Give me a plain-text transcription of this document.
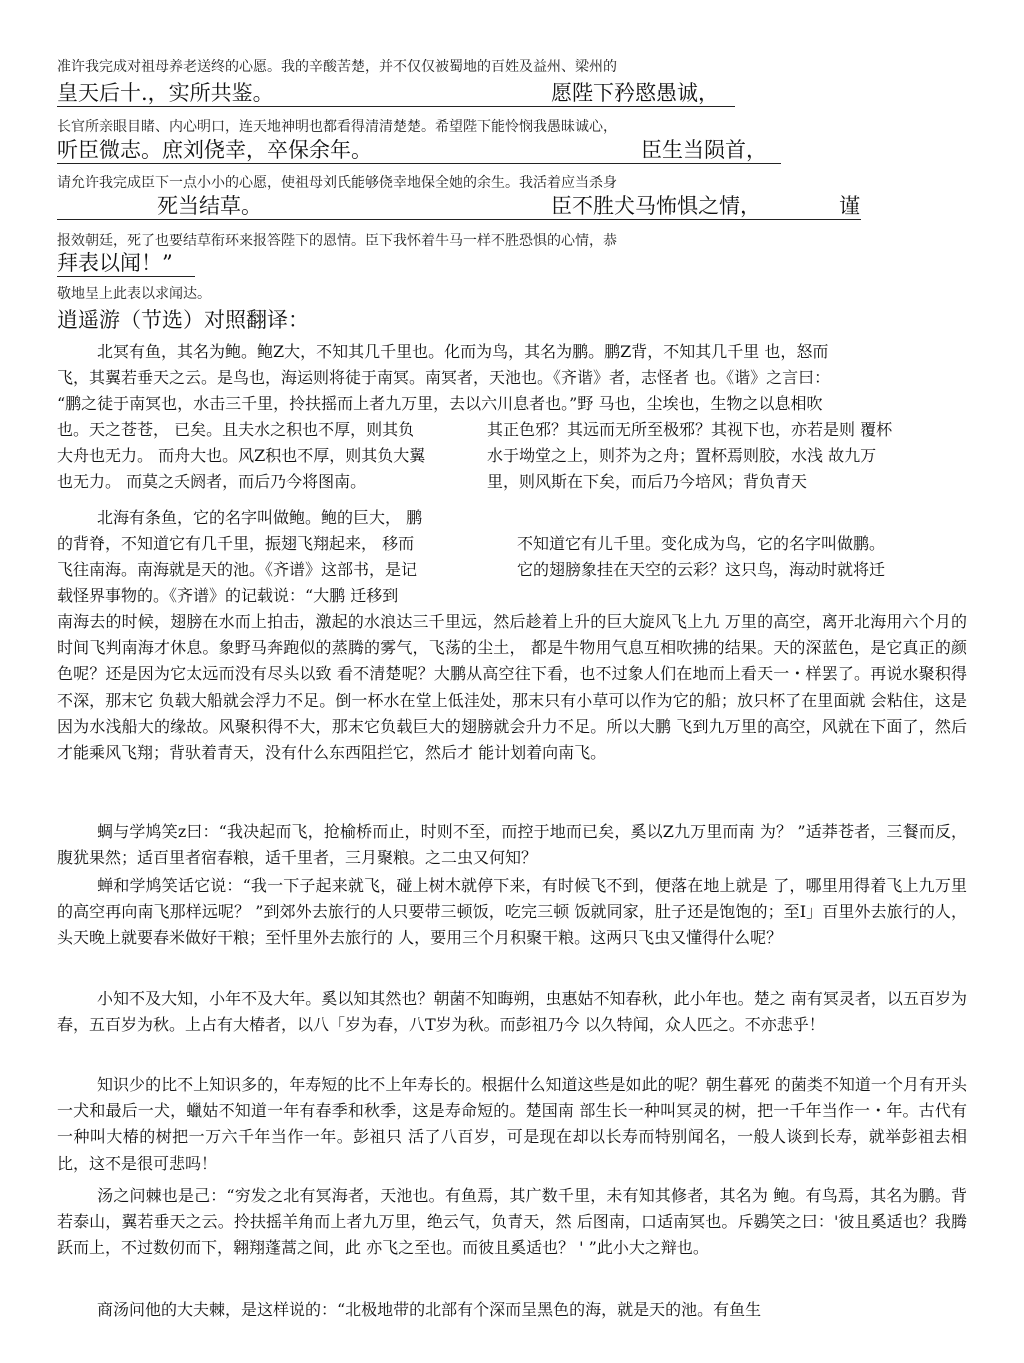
准许我完成对祖母养老送终的心愿。我的辛酸苦楚，并不仅仅被蜀地的百姓及益州、梁州的
皇天后十.，实所共鉴。	愿陛下矜愍愚诚，
长官所亲眼目睹、内心明口，连天地神明也都看得清清楚楚。希望陛下能怜悯我愚昧诚心，
听臣微志。庶刘侥幸，卒保余年。	臣生当陨首，
请允许我完成臣下一点小小的心愿，使祖母刘氏能够侥幸地保全她的余生。我活着应当杀身
死当结草。	臣不胜犬马怖惧之情，	谨
报效朝廷，死了也要结草衔环来报答陛下的恩情。臣下我怀着牛马一样不胜恐惧的心情，恭
拜表以闻！”
敬地呈上此表以求闻达。
逍遥游（节选）对照翻译：
北冥有鱼，其名为鲍。鲍Z大，不知其几千里也。化而为鸟，其名为鹏。鹏Z背，不知其几千里 也，怒而
飞，其翼若垂天之云。是鸟也，海运则将徒于南冥。南冥者，天池也。《齐谐》者，志怪者 也。《谐》之言曰：
“鹏之徒于南冥也，水击三千里，拎扶摇而上者九万里，去以六川息者也。”野 马也，尘埃也，生物之以息相吹
也。天之苍苍， 已矣。且夫水之积也不厚，则其负
大舟也无力。 而舟大也。风Z积也不厚，则其负大翼
也无力。 而莫之夭阏者，而后乃今将图南。
其正色邪？其远而无所至极邪？其视下也，亦若是则 覆杯
水于坳堂之上，则芥为之舟；置杯焉则胶，水浅 故九万
里，则风斯在下矣，而后乃今培风；背负青天
北海有条鱼，它的名字叫做鲍。鲍的巨大， 鹏
的背脊，不知道它有几千里，振翅飞翔起来， 移而
飞往南海。南海就是天的池。《齐谱》这部书，是记
载怪界事物的。《齐谱》的记载说：“大鹏 迁移到
不知道它有儿千里。变化成为鸟，它的名字叫做鹏。
它的翅膀象挂在天空的云彩？这只鸟，海动时就将迁
南海去的时候，翅膀在水而上拍击，激起的水浪达三千里远，然后趁着上升的巨大旋风飞上九 万里的高空，离开北海用六个月的时间飞判南海才休息。象野马奔跑似的蒸腾的雾气，飞荡的尘土， 都是牛物用气息互相吹拂的结果。天的深蓝色，是它真正的颜色呢？还是因为它太远而没有尽头以致 看不清楚呢？大鹏从高空往下看，也不过象人们在地而上看天一・样罢了。再说水聚积得不深，那末它 负载大船就会浮力不足。倒一杯水在堂上低洼处，那末只有小草可以作为它的船；放只杯了在里面就 会粘住，这是因为水浅船大的缘故。风聚积得不大，那末它负载巨大的翅膀就会升力不足。所以大鹏 飞到九万里的高空，风就在下面了，然后才能乘风飞翔；背驮着青天，没有什么东西阻拦它，然后才 能计划着向南飞。
蜩与学鸠笑z曰：“我决起而飞，抢榆桥而止，时则不至，而控于地而已矣，奚以Z九万里而南 为？ ”适莽苍者，三餐而反，腹犹果然；适百里者宿春粮，适千里者，三月聚粮。之二虫又何知？
蝉和学鸠笑话它说：“我一下子起来就飞，碰上树木就停下来，有时候飞不到，便落在地上就是 了，哪里用得着飞上九万里的高空再向南飞那样远呢？ ”到郊外去旅行的人只要带三顿饭，吃完三顿 饭就同家，肚子还是饱饱的；至I」百里外去旅行的人，头天晚上就要春米做好干粮；至忏里外去旅行的 人，要用三个月积聚干粮。这两只飞虫又懂得什么呢？
小知不及大知，小年不及大年。奚以知其然也？朝菌不知晦朔，虫惠姑不知春秋，此小年也。楚之 南有冥灵者，以五百岁为春，五百岁为秋。上占有大椿者，以八「岁为春，八T岁为秋。而彭祖乃今 以久特闻，众人匹之。不亦悲乎！
知识少的比不上知识多的，年寿短的比不上年寿长的。根据什么知道这些是如此的呢？朝生暮死 的菌类不知道一个月有开头一犬和最后一犬，蠟姑不知道一年有春季和秋季，这是寿命短的。楚国南 部生长一种叫冥灵的树，把一千年当作一・年。古代有一种叫大椿的树把一万六千年当作一年。彭祖只 活了八百岁，可是现在却以长寿而特别闻名，一般人谈到长寿，就举彭祖去相比，这不是很可悲吗！
汤之问棘也是己：“穷发之北有冥海者，天池也。有鱼焉，其广数千里，未有知其修者，其名为 鲍。有鸟焉，其名为鹏。背若泰山，翼若垂天之云。拎扶摇羊角而上者九万里，绝云气，负青天，然 后图南，口适南冥也。斥鷃笑之曰：'彼且奚适也？我腾跃而上，不过数仞而下，翱翔蓬蒿之间，此 亦飞之至也。而彼且奚适也？ ' ”此小大之辩也。
商汤问他的大夫棘，是这样说的：“北极地带的北部有个深而呈黑色的海，就是天的池。有鱼生
